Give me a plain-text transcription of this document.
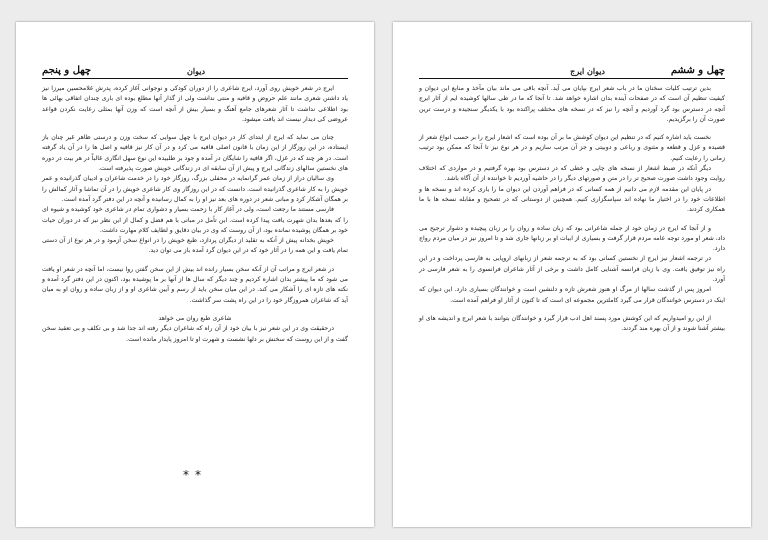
چهل و پنجم	دیوان

ایرج در شعر خویش روی آورد، ایرج شاعری را از دوران کودکی و نوجوانی آغاز کرده، پدرش غلامحسین میرزا نیز یاد داشتن شعری مانند علم حروض و قافیه و منتی نداشت ولی از گذار آنها مطلع بوده ای باری چندان اتفاقی بهائی ها بود اطلاعی نداشت تا آثار شعرهای جامع آهنگ و بسیار بیش از آنچه است که وزن آنها بمثلی رعایت نکردن قواعد عروضی کی دیدار نیست اند یافت میشود.

چنان می نماید که ایرج از ابتدای کار در دیوان ایرج با چهل سوایی که سخت وزن و درستی ظاهر غیر چنان باز ایستاده، در این روزگار از این زمان با قانون اصلی قافیه می کرد و در آن کار نیز قافیه و اصل ها را در آن یاد گرفته است. در هر چند که در غزل، اگر قافیه را شایگان در آمده و جود بر طلبیده این نوع سهل انگاری غالباً در هر بیت در دوره های نخستین سالهای زندگانی ایرج و پیش از آن سابقه ای در زندگانی خویش صورت پذیرفته است.

وی سالیان دراز از زمان عمر گرانمایه در محفلی بزرگ، روزگار خود را در خدمت شاعران و ادیبان گذرانیده و عمر خویش را به کار شاعری گذرانیده است. دانست که در این روزگار وی کار شاعری خویش را در آن تماشا و آثار کمالش را بر همگان آشکار کرد و مبانی شعر در دوره های بعد نیز او را به کمال رسانیده و آنچه در این دفتر گرد آمده است.

فارسی مستند ما رجعت است، ولی در آغاز کار با زحمت بسیار و دشواری تمام در شاعری خود کوشیده و شیوه ای را که بعدها بدان شهرت یافت پیدا کرده است. این تأمل در مبانی با هم فضل و کمال از این نظر نیز که در دوران حیات خود بر همگان پوشیده نمانده بود، از آن روست که وی در بیان دقایق و لطایف کلام مهارت داشت.

خویش بخدانه پیش از آنکه به تقلید از دیگران پردازد، طبع خویش را در انواع سخن آزمود و در هر نوع از آن دستی تمام یافت و این همه را در آثار خود که در این دیوان گرد آمده باز می توان دید.

در شعر ایرج و مراتب آن از آنکه سخن بسیار رانده اند بیش از این سخن گفتن روا نیست، اما آنچه در شعر او یافت می شود که ما پیشتر بدان اشاره کردیم و چند دیگر که سال ها از آنها بر ما پوشیده بود، اکنون در این دفتر گرد آمده و نکته های تازه ای را آشکار می کند. در این میان سخن باید از رسم و آیین شاعری او و از زبان ساده و روان او به میان آید که شاعران همروزگار خود را در این راه پشت سر گذاشت.

شاعری طبع روان می خواهد

درحقیقت وی در این شعر نیز با بیان خود از آن راه که شاعران دیگر رفته اند جدا شد و بی تکلف و بی تعقید سخن گفت و از این روست که سخنش بر دلها نشست و شهرت او تا امروز پایدار مانده است.

**
چهل و ششم
دیوان ایرج

بدین ترتیب کلیات سخنان ما در باب شعر ایرج بپایان می آید. آنچه باقی می ماند بیان مآخذ و منابع این دیوان و کیفیت تنظیم آن است که در صفحات آینده بدان اشاره خواهد شد. تا آنجا که ما در طی سالها کوشیده ایم از آثار ایرج آنچه در دسترس بود گرد آوردیم و آنچه را نیز که در نسخه های مختلف پراکنده بود با یکدیگر سنجیده و درست ترین صورت آن را برگزیدیم.

نخست باید اشاره کنیم که در تنظیم این دیوان کوشش ما بر آن بوده است که اشعار ایرج را بر حسب انواع شعر از قصیده و غزل و قطعه و مثنوی و رباعی و دوبیتی و جز آن مرتب سازیم و در هر نوع نیز تا آنجا که ممکن بود ترتیب زمانی را رعایت کنیم.

دیگر آنکه در ضبط اشعار از نسخه های چاپی و خطی که در دسترس بود بهره گرفتیم و در مواردی که اختلاف روایت وجود داشت صورت صحیح تر را در متن و صورتهای دیگر را در حاشیه آوردیم تا خواننده از آن آگاه باشد.

در پایان این مقدمه لازم می دانیم از همه کسانی که در فراهم آوردن این دیوان ما را یاری کرده اند و نسخه ها و اطلاعات خود را در اختیار ما نهاده اند سپاسگزاری کنیم. همچنین از دوستانی که در تصحیح و مقابله نسخه ها با ما همکاری کردند.

و از آنجا که ایرج در زمان خود از جمله شاعرانی بود که زبان ساده و روان را بر زبان پیچیده و دشوار ترجیح می داد، شعر او مورد توجه عامه مردم قرار گرفت و بسیاری از ابیات او بر زبانها جاری شد و تا امروز نیز در میان مردم رواج دارد.

در ترجمه اشعار نیز ایرج از نخستین کسانی بود که به ترجمه شعر از زبانهای اروپایی به فارسی پرداخت و در این راه نیز توفیق یافت. وی با زبان فرانسه آشنایی کامل داشت و برخی از آثار شاعران فرانسوی را به شعر فارسی در آورد.

امروز پس از گذشت سالها از مرگ او هنوز شعرش تازه و دلنشین است و خوانندگان بسیاری دارد. این دیوان که اینک در دسترس خوانندگان قرار می گیرد کاملترین مجموعه ای است که تا کنون از آثار او فراهم آمده است.

از این رو امیدواریم که این کوشش مورد پسند اهل ادب قرار گیرد و خوانندگان بتوانند با شعر ایرج و اندیشه های او بیشتر آشنا شوند و از آن بهره مند گردند.
